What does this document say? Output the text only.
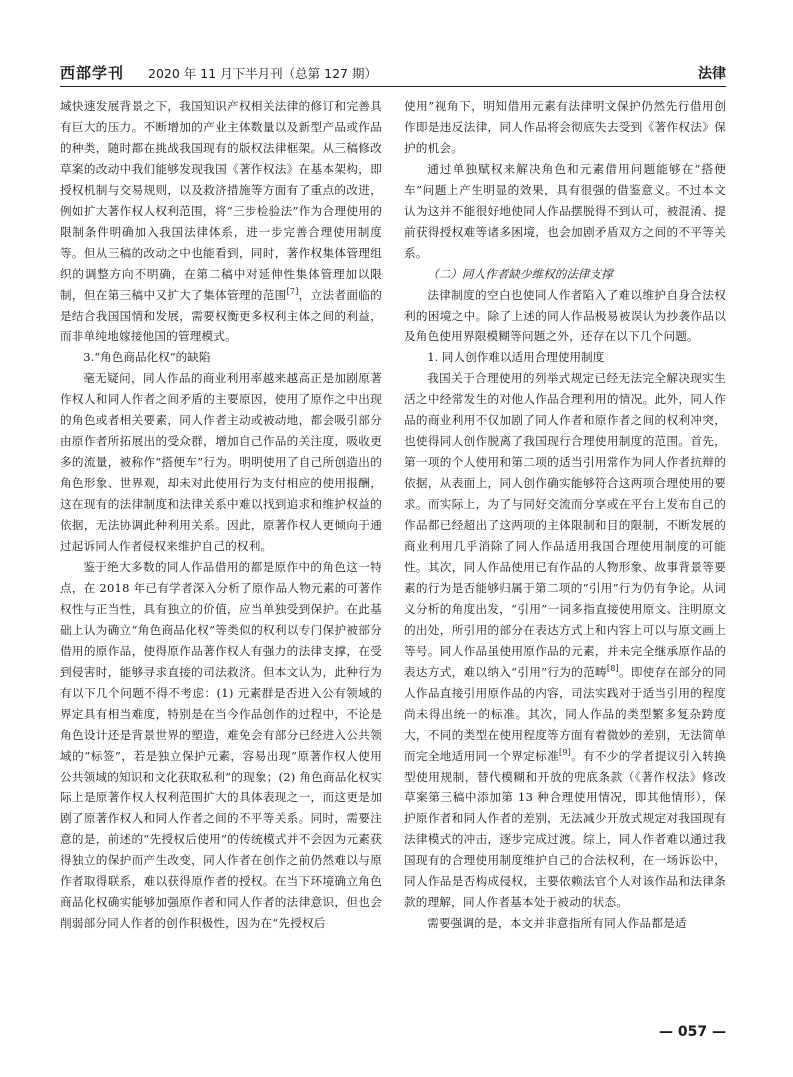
西部学刊 2020 年 11 月下半月刊（总第 127 期）	法律

域快速发展背景之下，我国知识产权相关法律的修订和完善具有巨大的压力。不断增加的产业主体数量以及新型产品或作品的种类，随时都在挑战我国现有的版权法律框架。从三稿修改草案的改动中我们能够发现我国《著作权法》在基本架构，即授权机制与交易规则，以及救济措施等方面有了重点的改进，例如扩大著作权人权利范围，将“三步检验法”作为合理使用的限制条件明确加入我国法律体系，进一步完善合理使用制度等。但从三稿的改动之中也能看到，同时，著作权集体管理组织的调整方向不明确，在第二稿中对延伸性集体管理加以限制，但在第三稿中又扩大了集体管理的范围[7]，立法者面临的是结合我国国情和发展，需要权衡更多权利主体之间的利益，而非单纯地嫁接他国的管理模式。

3.“角色商品化权”的缺陷

毫无疑问，同人作品的商业利用率越来越高正是加剧原著作权人和同人作者之间矛盾的主要原因，使用了原作之中出现的角色或者相关要素，同人作者主动或被动地，都会吸引部分由原作者所拓展出的受众群，增加自己作品的关注度，吸收更多的流量，被称作“搭便车”行为。明明使用了自己所创造出的角色形象、世界观，却未对此使用行为支付相应的使用报酬，这在现有的法律制度和法律关系中难以找到追求和维护权益的依据，无法协调此种利用关系。因此，原著作权人更倾向于通过起诉同人作者侵权来维护自己的权利。

鉴于绝大多数的同人作品借用的都是原作中的角色这一特点，在 2018 年已有学者深入分析了原作品人物元素的可著作权性与正当性，具有独立的价值，应当单独受到保护。在此基础上认为确立“角色商品化权”等类似的权利以专门保护被部分借用的原作品，使得原作品著作权人有强力的法律支撑，在受到侵害时，能够寻求直接的司法救济。但本文认为，此种行为有以下几个问题不得不考虑：(1) 元素群是否进入公有领域的界定具有相当难度，特别是在当今作品创作的过程中，不论是角色设计还是背景世界的塑造，难免会有部分已经进入公共领域的“标签”，若是独立保护元素，容易出现“原著作权人使用公共领域的知识和文化获取私利”的现象；(2) 角色商品化权实际上是原著作权人权利范围扩大的具体表现之一，而这更是加剧了原著作权人和同人作者之间的不平等关系。同时，需要注意的是，前述的“先授权后使用”的传统模式并不会因为元素获得独立的保护而产生改变，同人作者在创作之前仍然难以与原作者取得联系，难以获得原作者的授权。在当下环境确立角色商品化权确实能够加强原作者和同人作者的法律意识，但也会削弱部分同人作者的创作积极性，因为在“先授权后

使用”视角下，明知借用元素有法律明文保护仍然先行借用创作即是违反法律，同人作品将会彻底失去受到《著作权法》保护的机会。

通过单独赋权来解决角色和元素借用问题能够在“搭便车”问题上产生明显的效果，具有很强的借鉴意义。不过本文认为这并不能很好地使同人作品摆脱得不到认可，被混淆、提前获得授权难等诸多困境，也会加剧矛盾双方之间的不平等关系。

（二）同人作者缺少维权的法律支撑

法律制度的空白也使同人作者陷入了难以维护自身合法权利的困境之中。除了上述的同人作品极易被误认为抄袭作品以及角色使用界限模糊等问题之外，还存在以下几个问题。

1. 同人创作难以适用合理使用制度

我国关于合理使用的列举式规定已经无法完全解决现实生活之中经常发生的对他人作品合理利用的情况。此外，同人作品的商业利用不仅加剧了同人作者和原作者之间的权利冲突，也使得同人创作脱离了我国现行合理使用制度的范围。首先，第一项的个人使用和第二项的适当引用常作为同人作者抗辩的依据，从表面上，同人创作确实能够符合这两项合理使用的要求。而实际上，为了与同好交流而分享或在平台上发布自己的作品都已经超出了这两项的主体限制和目的限制，不断发展的商业利用几乎消除了同人作品适用我国合理使用制度的可能性。其次，同人作品使用已有作品的人物形象、故事背景等要素的行为是否能够归属于第二项的“引用”行为仍有争论。从词义分析的角度出发，“引用”一词多指直接使用原文、注明原文的出处，所引用的部分在表达方式上和内容上可以与原文画上等号。同人作品虽使用原作品的元素，并未完全继承原作品的表达方式，难以纳入“引用”行为的范畴[8]。即使存在部分的同人作品直接引用原作品的内容，司法实践对于适当引用的程度尚未得出统一的标准。其次，同人作品的类型繁多复杂跨度大，不同的类型在使用程度等方面有着微妙的差别，无法简单而完全地适用同一个界定标准[9]。有不少的学者提议引入转换型使用规制，替代模糊和开放的兜底条款（《著作权法》修改草案第三稿中添加第 13 种合理使用情况，即其他情形），保护原作者和同人作者的差别，无法减少开放式规定对我国现有法律模式的冲击，逐步完成过渡。综上，同人作者难以通过我国现有的合理使用制度维护自己的合法权利，在一场诉讼中，同人作品是否构成侵权，主要依赖法官个人对该作品和法律条款的理解，同人作者基本处于被动的状态。

需要强调的是，本文并非意指所有同人作品都是适

— 057 —
